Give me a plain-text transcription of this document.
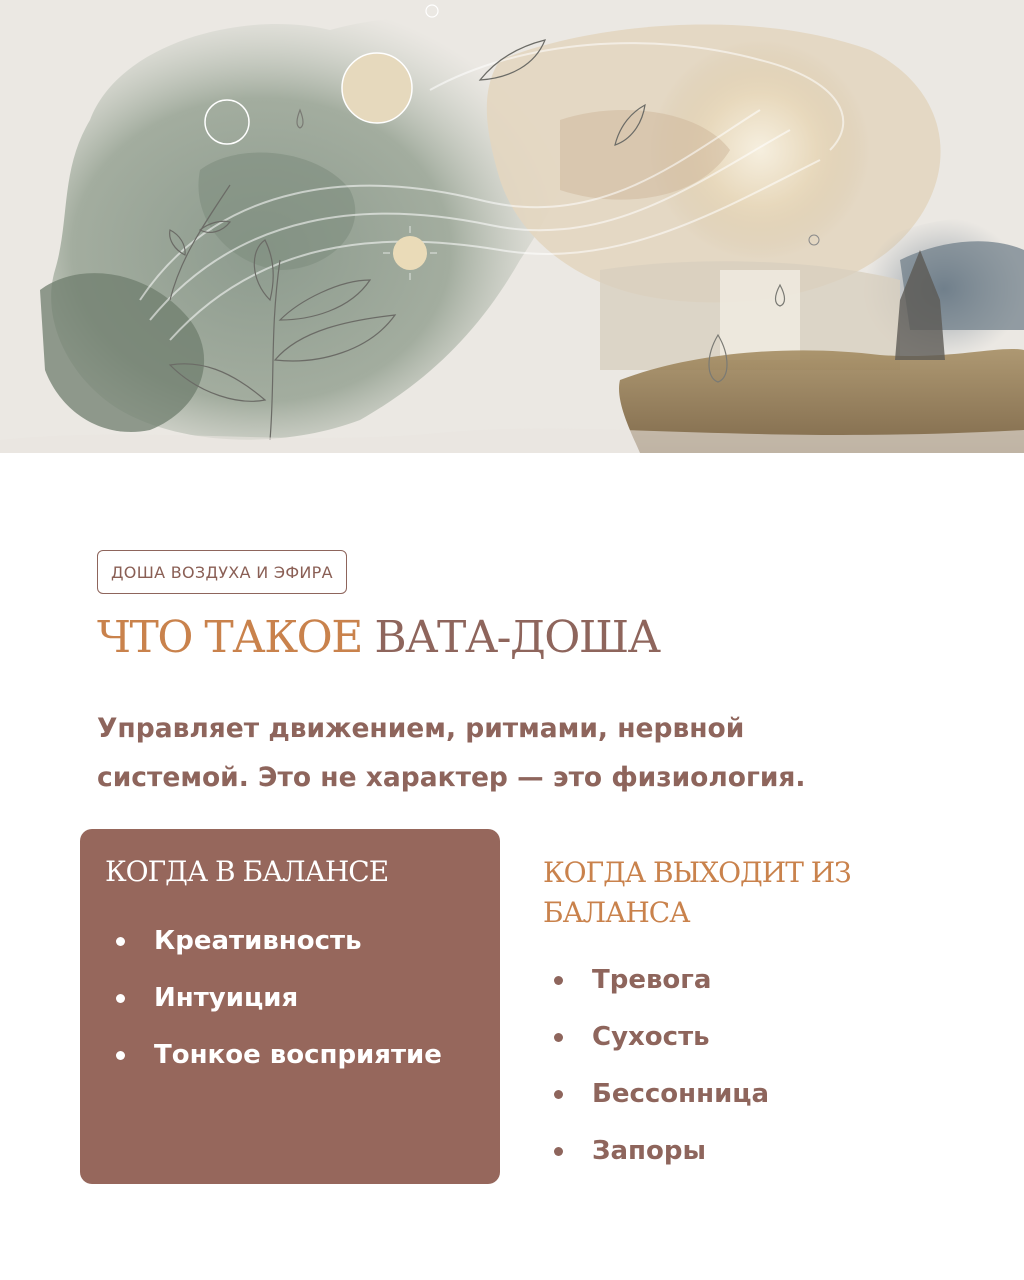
ДОША ВОЗДУХА И ЭФИРА
ЧТО ТАКОЕ ВАТА-ДОША

Управляет движением, ритмами, нервной
системой. Это не характер — это физиология.

КОГДА В БАЛАНСЕ
Креативность
Интуиция
Тонкое восприятие
КОГДА ВЫХОДИТ ИЗ
БАЛАНСА
Тревога
Сухость
Бессонница
Запоры
